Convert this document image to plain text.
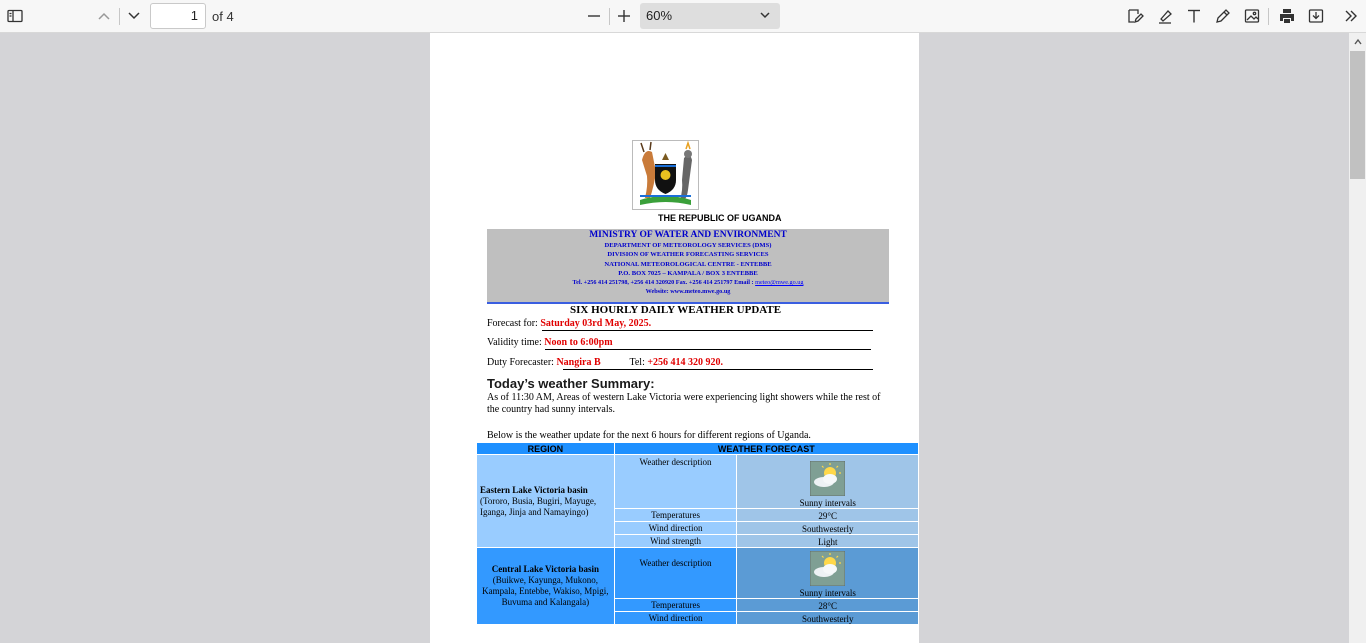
1	of 4	60%
THE REPUBLIC OF UGANDA
MINISTRY OF WATER AND ENVIRONMENT
DEPARTMENT OF METEOROLOGY SERVICES (DMS)
DIVISION OF WEATHER FORECASTING SERVICES
NATIONAL METEOROLOGICAL CENTRE - ENTEBBE
P.O. BOX 7025 – KAMPALA / BOX 3 ENTEBBE
Tel. +256 414 251798, +256 414 320920 Fax. +256 414 251797 Email : meteo@mwe.go.ug
Website: www.meteo.mwe.go.ug
SIX HOURLY DAILY WEATHER UPDATE
Forecast for: Saturday 03rd May, 2025.
Validity time: Noon to 6:00pm
Duty Forecaster: Nangira B	Tel: +256 414 320 920.
Today’s weather Summary:
As of 11:30 AM, Areas of western Lake Victoria were experiencing light showers while the rest of the country had sunny intervals.
Below is the weather update for the next 6 hours for different regions of Uganda.
REGION	WEATHER FORECAST	

Eastern Lake Victoria basin
(Tororo, Busia, Bugiri, Mayuge, Iganga, Jinja and Namayingo)	Weather description	Sunny intervals

	Temperatures	29°C
	Wind direction	Southwesterly
	Wind strength	Light

Central Lake Victoria basin
(Buikwe, Kayunga, Mukono, Kampala, Entebbe, Wakiso, Mpigi, Buvuma and Kalangala)	Weather description	Sunny intervals

	Temperatures	28°C
	Wind direction	Southwesterly
